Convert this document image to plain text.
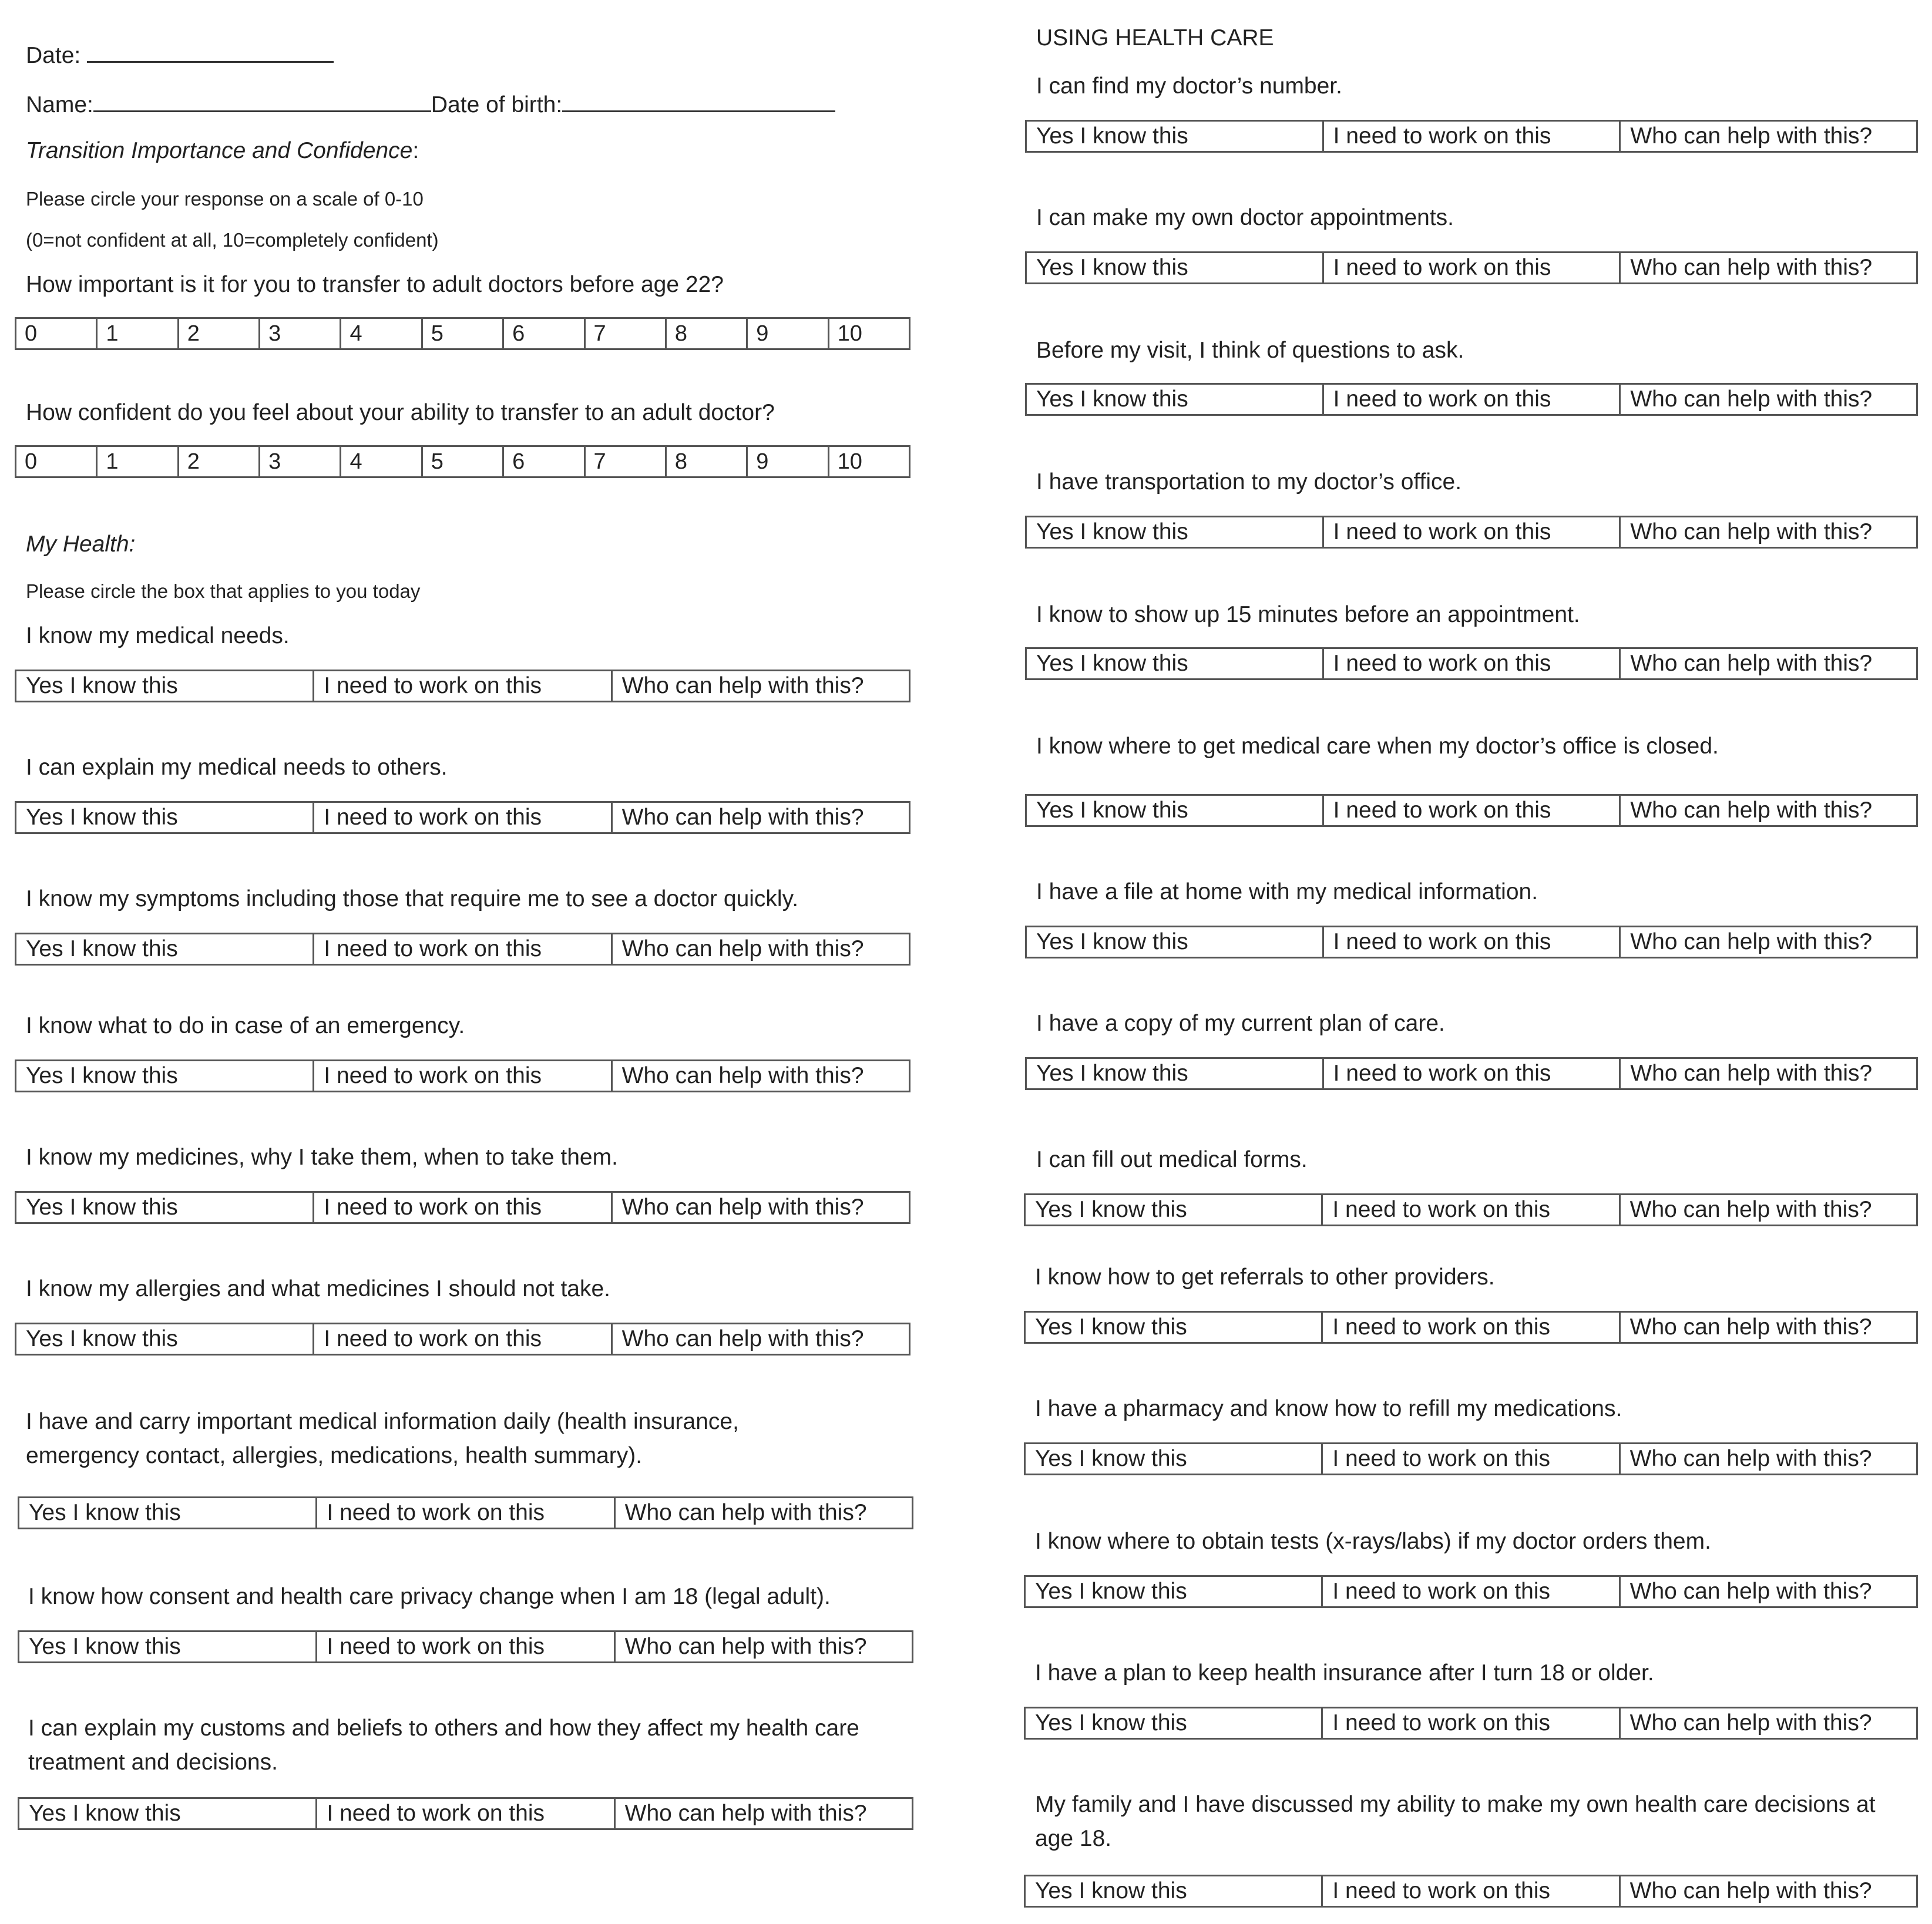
Date:
Name:	Date of birth:
Transition Importance and Confidence:
Please circle your response on a scale of 0-10
(0=not confident at all, 10=completely confident)
How important is it for you to transfer to adult doctors before age 22?
0	1	2	3	4	5	6	7	8	9	10
How confident do you feel about your ability to transfer to an adult doctor?
0	1	2	3	4	5	6	7	8	9	10
My Health:
Please circle the box that applies to you today
I know my medical needs.
Yes I know this	I need to work on this	Who can help with this?
I can explain my medical needs to others.
Yes I know this	I need to work on this	Who can help with this?
I know my symptoms including those that require me to see a doctor quickly.
Yes I know this	I need to work on this	Who can help with this?
I know what to do in case of an emergency.
Yes I know this	I need to work on this	Who can help with this?
I know my medicines, why I take them, when to take them.
Yes I know this	I need to work on this	Who can help with this?
I know my allergies and what medicines I should not take.
Yes I know this	I need to work on this	Who can help with this?
I have and carry important medical information daily (health insurance, emergency contact, allergies, medications, health summary).
Yes I know this	I need to work on this	Who can help with this?
I know how consent and health care privacy change when I am 18 (legal adult).
Yes I know this	I need to work on this	Who can help with this?
I can explain my customs and beliefs to others and how they affect my health care treatment and decisions.
Yes I know this	I need to work on this	Who can help with this?
USING HEALTH CARE
I can find my doctor’s number.
Yes I know this	I need to work on this	Who can help with this?
I can make my own doctor appointments.
Yes I know this	I need to work on this	Who can help with this?
Before my visit, I think of questions to ask.
Yes I know this	I need to work on this	Who can help with this?
I have transportation to my doctor’s office.
Yes I know this	I need to work on this	Who can help with this?
I know to show up 15 minutes before an appointment.
Yes I know this	I need to work on this	Who can help with this?
I know where to get medical care when my doctor’s office is closed.
Yes I know this	I need to work on this	Who can help with this?
I have a file at home with my medical information.
Yes I know this	I need to work on this	Who can help with this?
I have a copy of my current plan of care.
Yes I know this	I need to work on this	Who can help with this?
I can fill out medical forms.
Yes I know this	I need to work on this	Who can help with this?
I know how to get referrals to other providers.
Yes I know this	I need to work on this	Who can help with this?
I have a pharmacy and know how to refill my medications.
Yes I know this	I need to work on this	Who can help with this?
I know where to obtain tests (x-rays/labs) if my doctor orders them.
Yes I know this	I need to work on this	Who can help with this?
I have a plan to keep health insurance after I turn 18 or older.
Yes I know this	I need to work on this	Who can help with this?
My family and I have discussed my ability to make my own health care decisions at age 18.
Yes I know this	I need to work on this	Who can help with this?
